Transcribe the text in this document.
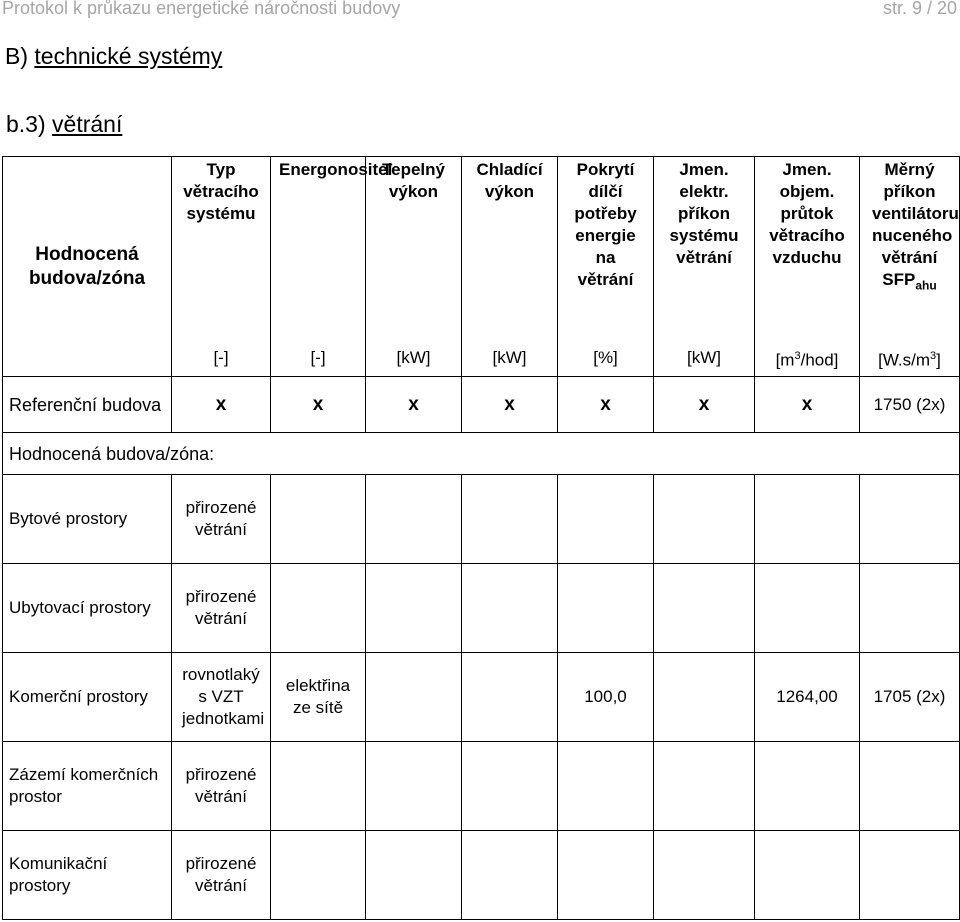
Protokol k průkazu energetické náročnosti budovy	str. 9 / 20
B) technické systémy
b.3) větrání
Hodnocená budova/zóna	Typ větracího systému	Energonositel	Tepelný výkon	Chladící výkon	Pokrytí dílčí potřeby energie na větrání	Jmen. elektr. příkon systému větrání	Jmen. objem. průtok větracího vzduchu	Měrný příkon ventilátoru nuceného větrání $SFP_{ahu}$

	[-]	[-]	[kW]	[kW]	[%]	[kW]	$[m^3/hod]$	$[W.s/m^3]$
Referenční budova	x	x	x	x	x	x	x	1750 (2x)
Hodnocená budova/zóna:								
Bytové prostory	přirozené větrání							

Ubytovací prostory	přirozené větrání							

Komerční prostory	rovnotlaký s VZT jednotkami	elektřina ze sítě			100,0		1264,00	1705 (2x)
Zázemí komerčních prostor	přirozené větrání							

Komunikační prostory	přirozené větrání							
